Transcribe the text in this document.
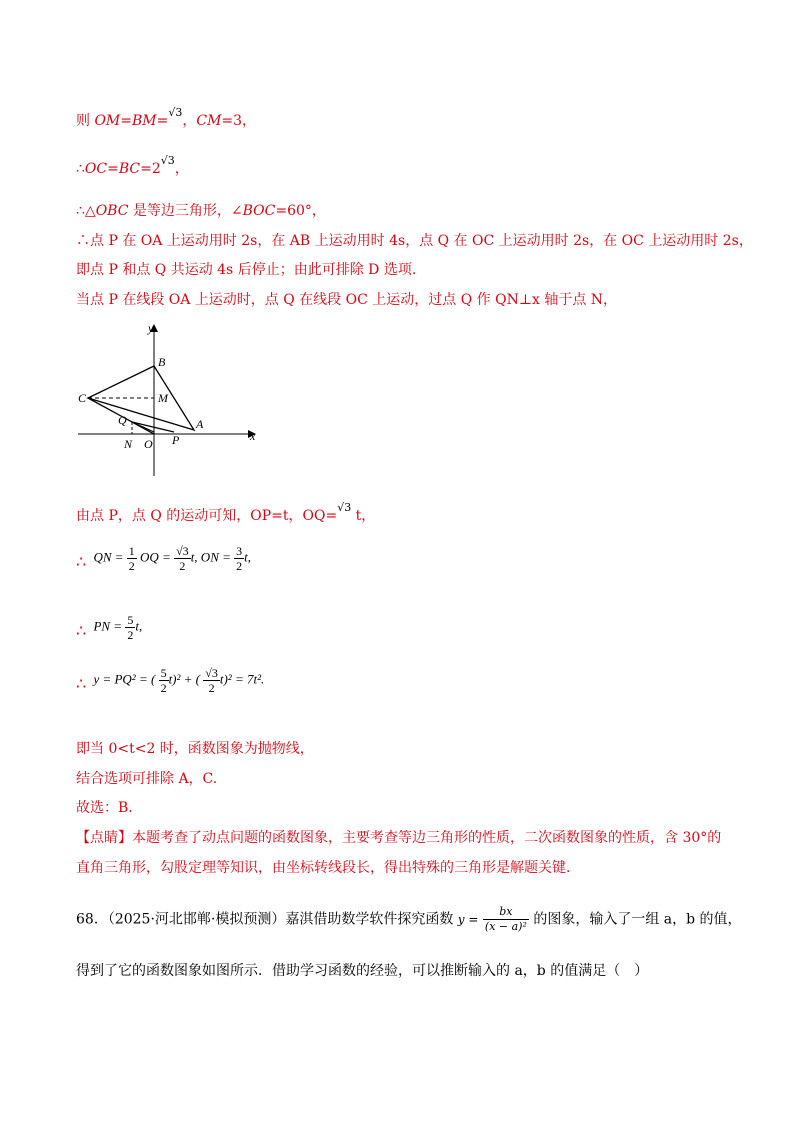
则 OM=BM=$^{√3}$，CM=3，
$\therefore OC=BC=2^{√3}$，
∴△OBC 是等边三角形，∠BOC=60°，
∴点 P 在 OA 上运动用时 2s，在 AB 上运动用时 4s，点 Q 在 OC 上运动用时 2s，在 OC 上运动用时 2s，
即点 P 和点 Q 共运动 4s 后停止；由此可排除 D 选项.
当点 P 在线段 OA 上运动时，点 Q 在线段 OC 上运动，过点 Q 作 QN⊥x 轴于点 N，
y
x
B
C	M
A
Q
N O P
由点 P，点 Q 的运动可知，OP=t，OQ=$^{√3}$ t，
∴ QN = $\frac{1}{2}$ OQ = $\frac{√3}{2} t$, ON = $\frac{3}{2} t$,
∴ PN = $\frac{5}{2} t$,
∴ y = PQ² = ( $\frac{5}{2} t)^2$ + ( $\frac{√3}{2} t)^2 = 7t^2$.
即当 0<t<2 时，函数图象为抛物线，
结合选项可排除 A，C.
故选：B.
【点睛】本题考查了动点问题的函数图象，主要考查等边三角形的性质，二次函数图象的性质，含 30°的
直角三角形，勾股定理等知识，由坐标转线段长，得出特殊的三角形是解题关键.
68．（2025·河北邯郸·模拟预测）嘉淇借助数学软件探究函数 $y = \frac{bx}{\text{(x − a)²}}$ 的图象，输入了一组 a，b 的值，
得到了它的函数图象如图所示．借助学习函数的经验，可以推断输入的 a，b 的值满足（　）
